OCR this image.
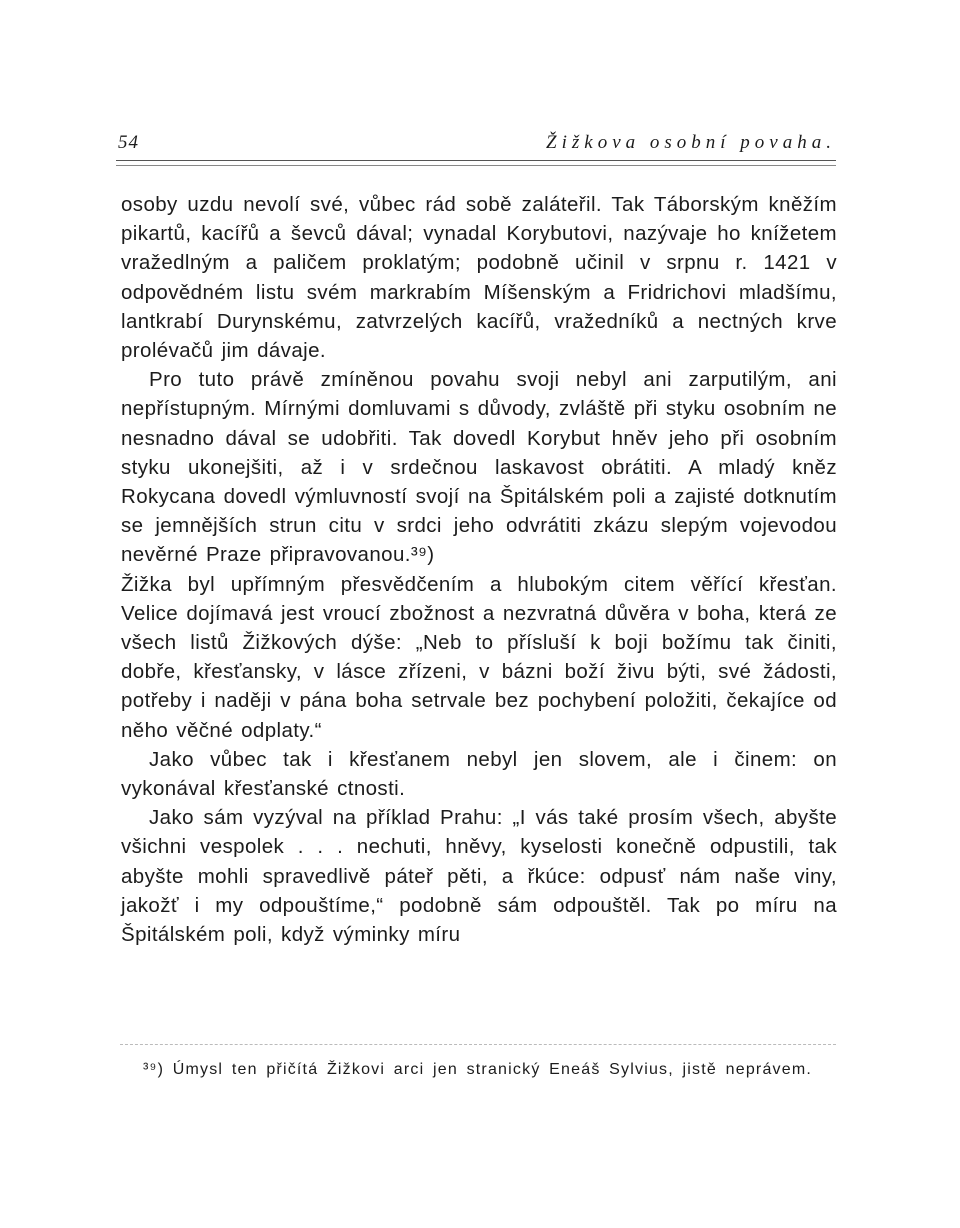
54	Žižkova osobní povaha.

osoby uzdu nevolí své, vůbec rád sobě zaláteřil. Tak Táborským kněžím pikartů, kacířů a ševců dával; vynadal Korybutovi, nazývaje ho knížetem vražedlným a paličem proklatým; podobně učinil v srpnu r. 1421 v odpovědném listu svém markrabím Míšenským a Fridrichovi mladšímu, lantkrabí Durynskému, zatvrzelých kacířů, vražedníků a nectných krve prolévačů jim dávaje.

Pro tuto právě zmíněnou povahu svoji nebyl ani zarputilým, ani nepřístupným. Mírnými domluvami s důvody, zvláště při styku osobním ne nesnadno dával se udobřiti. Tak dovedl Korybut hněv jeho při osobním styku ukonejšiti, až i v srdečnou laskavost obrátiti. A mladý kněz Rokycana dovedl výmluvností svojí na Špitálském poli a zajisté dotknutím se jemnějších strun citu v srdci jeho odvrátiti zkázu slepým vojevodou nevěrné Praze připravovanou.³⁹)

Žižka byl upřímným přesvědčením a hlubokým citem věřící křesťan. Velice dojímavá jest vroucí zbožnost a nezvratná důvěra v boha, která ze všech listů Žižkových dýše: „Neb to přísluší k boji božímu tak činiti, dobře, křesťansky, v lásce zřízeni, v bázni boží živu býti, své žádosti, potřeby i naději v pána boha setrvale bez pochybení položiti, čekajíce od něho věčné odplaty.“

Jako vůbec tak i křesťanem nebyl jen slovem, ale i činem: on vykonával křesťanské ctnosti.

Jako sám vyzýval na příklad Prahu: „I vás také prosím všech, abyšte všichni vespolek . . . nechuti, hněvy, kyselosti konečně odpustili, tak abyšte mohli spravedlivě páteř pěti, a řkúce: odpusť nám naše viny, jakožť i my odpouštíme,“ podobně sám odpouštěl. Tak po míru na Špitálském poli, když výminky míru

³⁹) Úmysl ten přičítá Žižkovi arci jen stranický Eneáš Sylvius, jistě neprávem.
